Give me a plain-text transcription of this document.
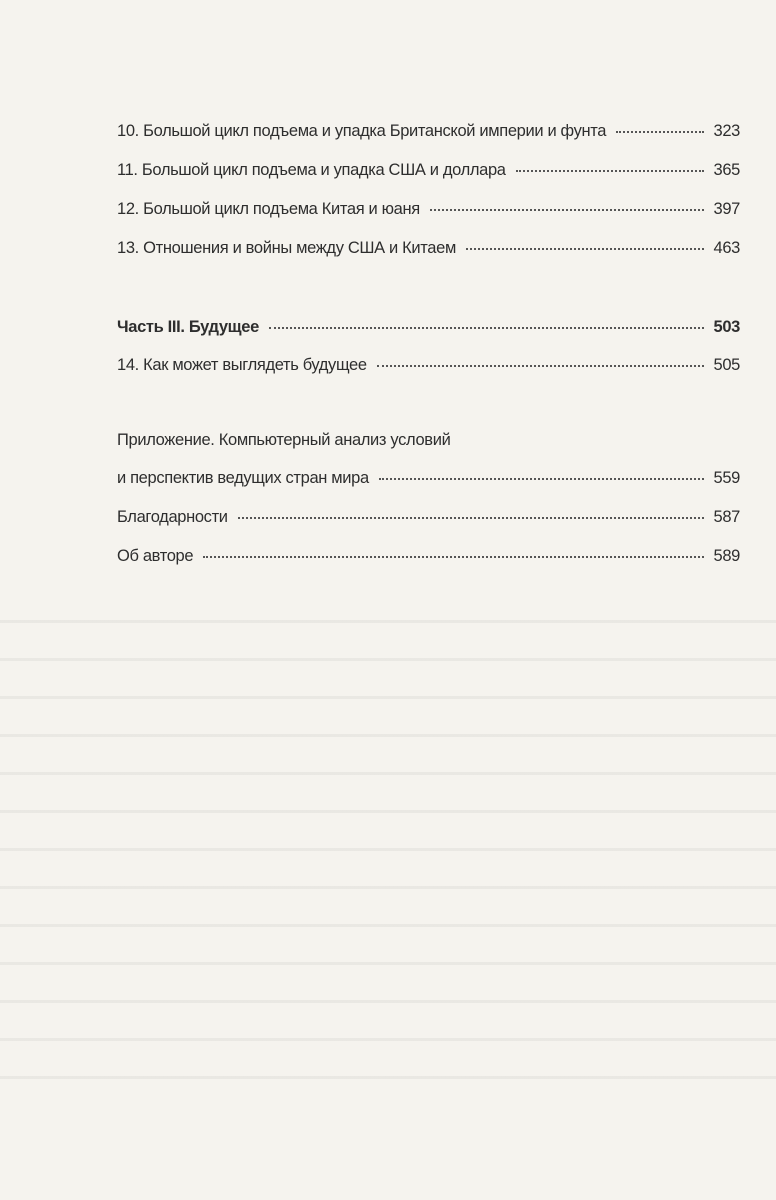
10. Большой цикл подъема и упадка Британской империи и фунта	323
11. Большой цикл подъема и упадка США и доллара	365
12. Большой цикл подъема Китая и юаня	397
13. Отношения и войны между США и Китаем	463
Часть III. Будущее	503
14. Как может выглядеть будущее	505
Приложение. Компьютерный анализ условий
и перспектив ведущих стран мира	559
Благодарности	587
Об авторе	589
